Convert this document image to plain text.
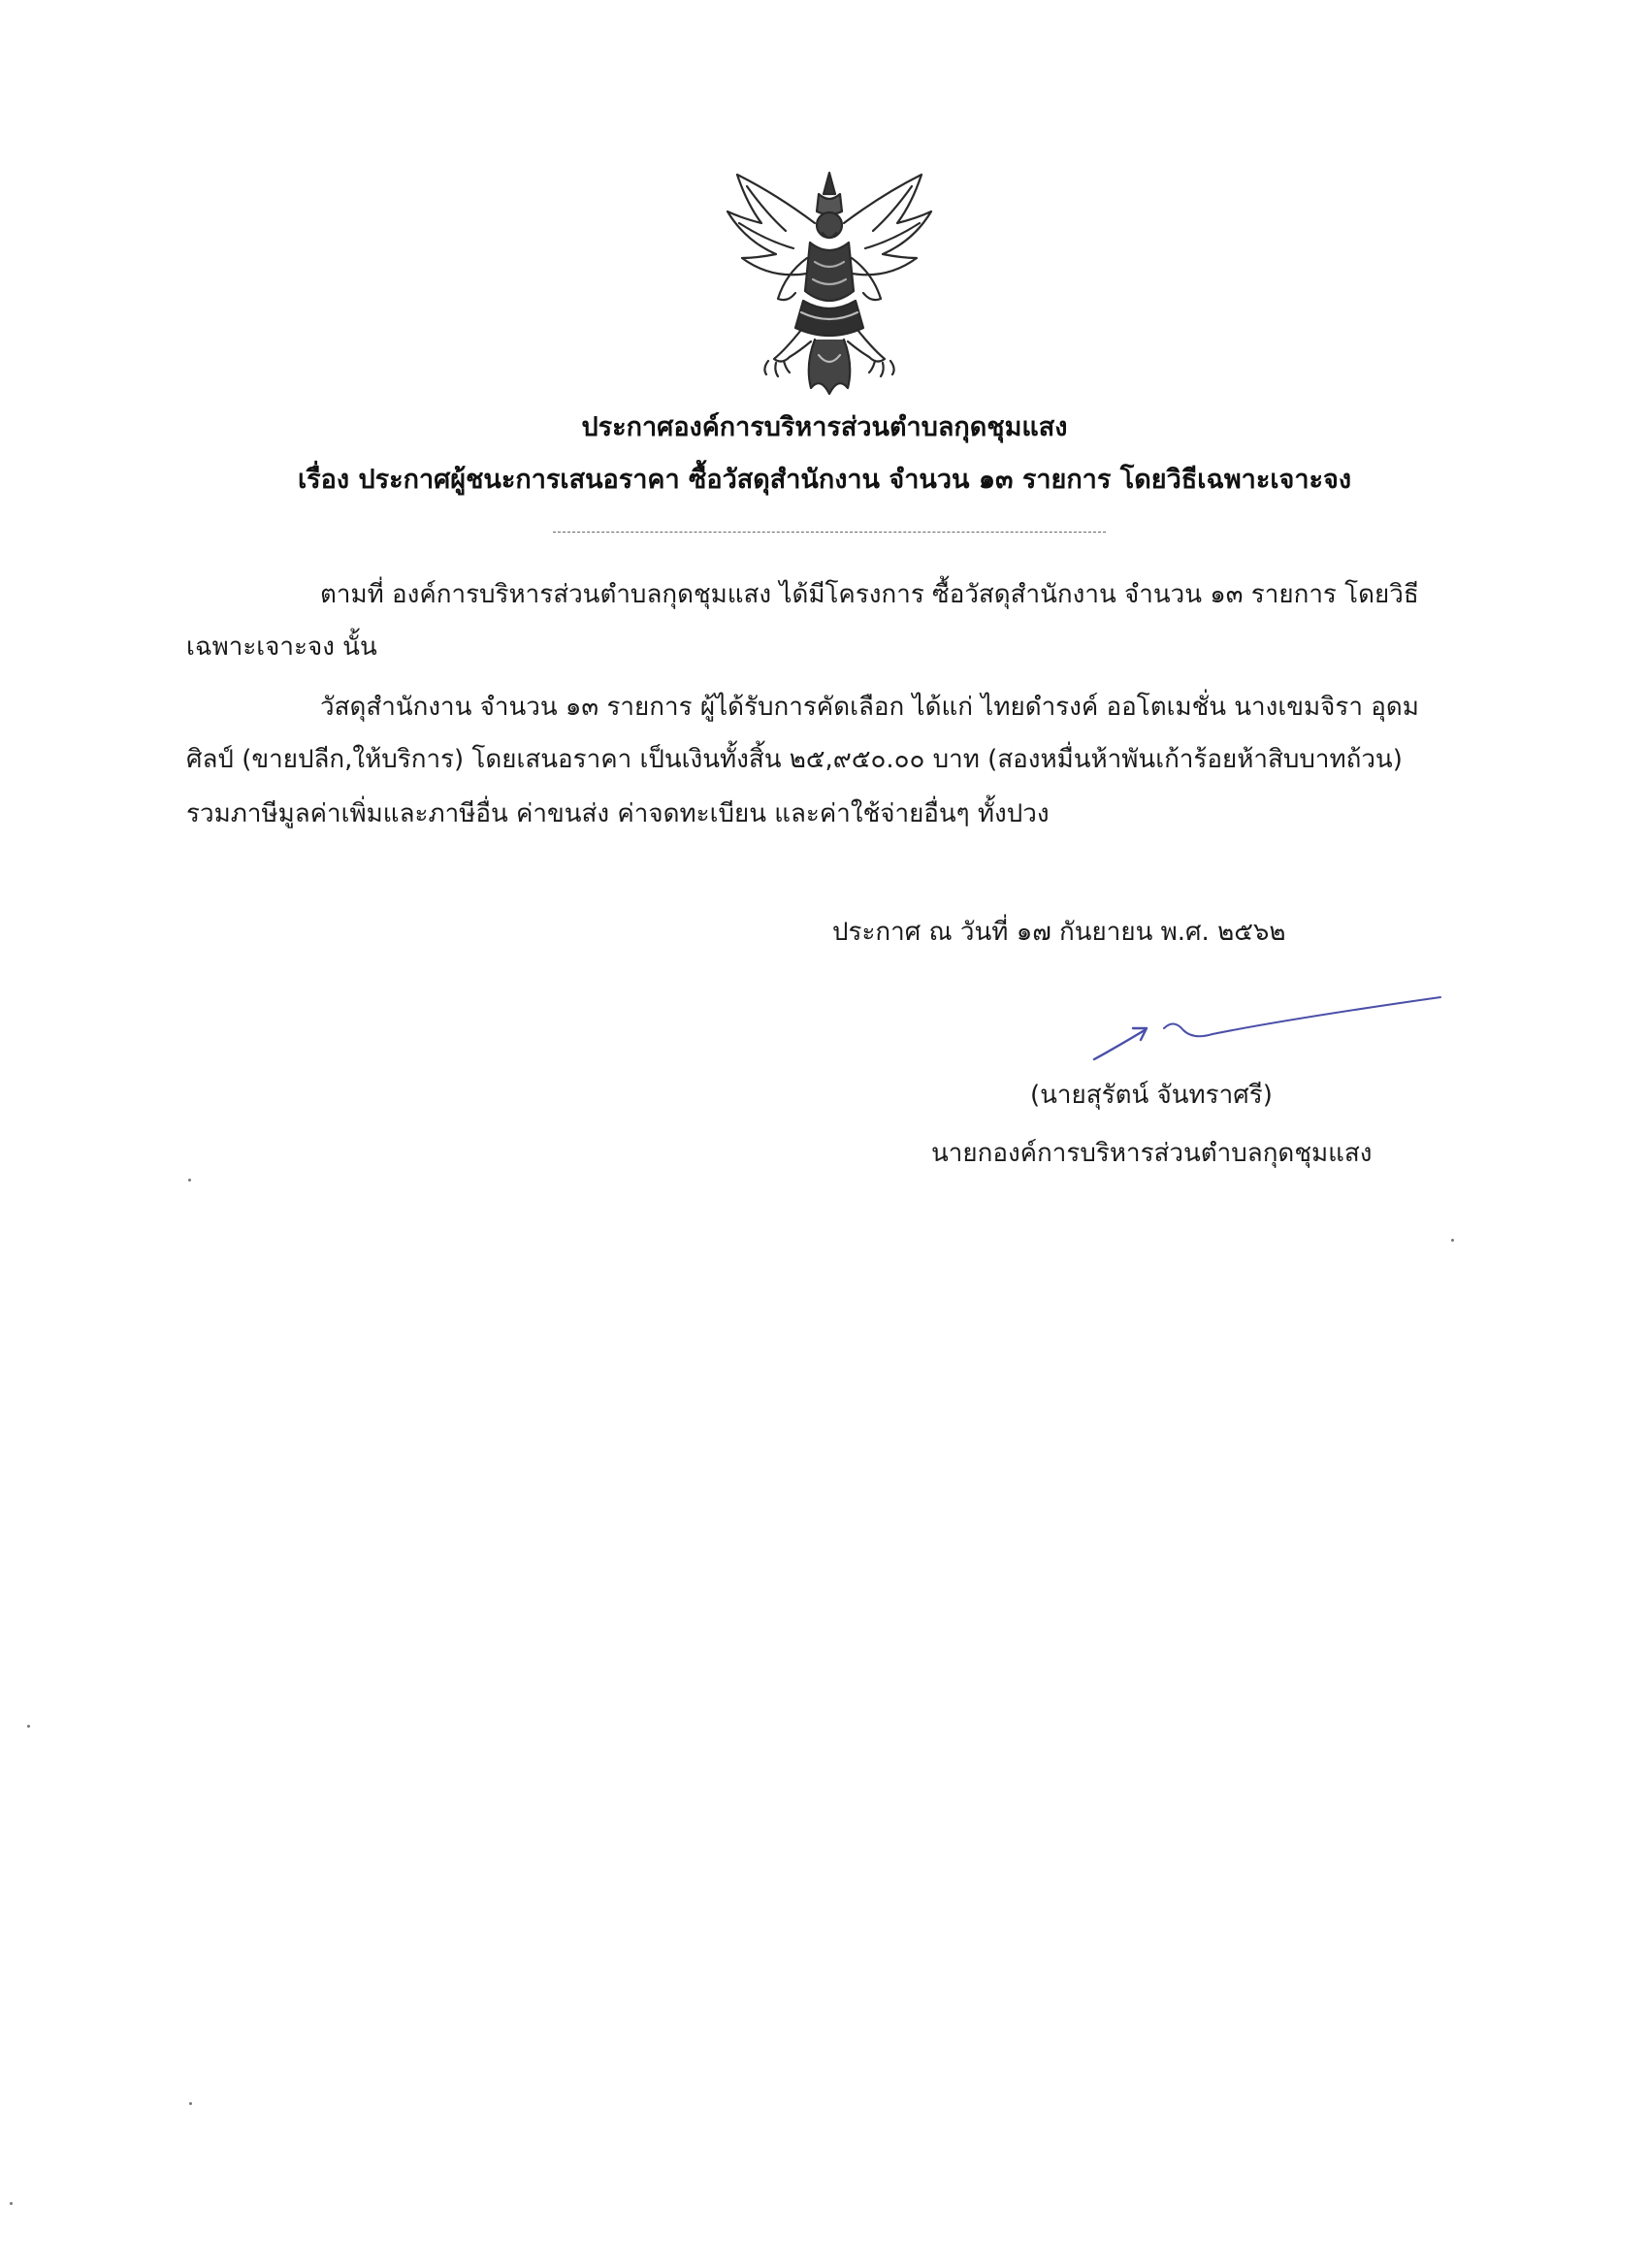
ประกาศองค์การบริหารส่วนตำบลกุดชุมแสง
เรื่อง ประกาศผู้ชนะการเสนอราคา ซื้อวัสดุสำนักงาน จำนวน ๑๓ รายการ โดยวิธีเฉพาะเจาะจง
ตามที่ องค์การบริหารส่วนตำบลกุดชุมแสง ได้มีโครงการ ซื้อวัสดุสำนักงาน จำนวน ๑๓ รายการ โดยวิธี
เฉพาะเจาะจง นั้น
วัสดุสำนักงาน จำนวน ๑๓ รายการ ผู้ได้รับการคัดเลือก ได้แก่ ไทยดำรงค์ ออโตเมชั่น นางเขมจิรา อุดม
ศิลป์ (ขายปลีก,ให้บริการ) โดยเสนอราคา เป็นเงินทั้งสิ้น ๒๕,๙๕๐.๐๐ บาท (สองหมื่นห้าพันเก้าร้อยห้าสิบบาทถ้วน)
รวมภาษีมูลค่าเพิ่มและภาษีอื่น ค่าขนส่ง ค่าจดทะเบียน และค่าใช้จ่ายอื่นๆ ทั้งปวง
ประกาศ ณ วันที่ ๑๗ กันยายน พ.ศ. ๒๕๖๒
(นายสุรัตน์ จันทราศรี)
นายกองค์การบริหารส่วนตำบลกุดชุมแสง
